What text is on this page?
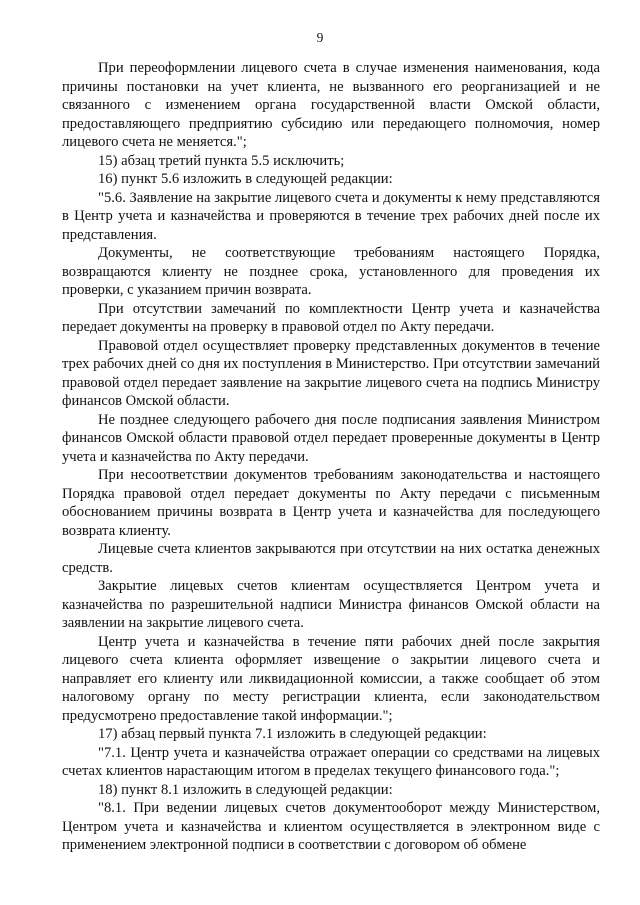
9

При переоформлении лицевого счета в случае изменения наименования, кода причины постановки на учет клиента, не вызванного его реорганизацией и не связанного с изменением органа государственной власти Омской области, предоставляющего предприятию субсидию или передающего полномочия, номер лицевого счета не меняется.";

15) абзац третий пункта 5.5 исключить;

16) пункт 5.6 изложить в следующей редакции:

"5.6. Заявление на закрытие лицевого счета и документы к нему представляются в Центр учета и казначейства и проверяются в течение трех рабочих дней после их представления.

Документы, не соответствующие требованиям настоящего Порядка, возвращаются клиенту не позднее срока, установленного для проведения их проверки, с указанием причин возврата.

При отсутствии замечаний по комплектности Центр учета и казначейства передает документы на проверку в правовой отдел по Акту передачи.

Правовой отдел осуществляет проверку представленных документов в течение трех рабочих дней со дня их поступления в Министерство. При отсутствии замечаний правовой отдел передает заявление на закрытие лицевого счета на подпись Министру финансов Омской области.

Не позднее следующего рабочего дня после подписания заявления Министром финансов Омской области правовой отдел передает проверенные документы в Центр учета и казначейства по Акту передачи.

При несоответствии документов требованиям законодательства и настоящего Порядка правовой отдел передает документы по Акту передачи с письменным обоснованием причины возврата в Центр учета и казначейства для последующего возврата клиенту.

Лицевые счета клиентов закрываются при отсутствии на них остатка денежных средств.

Закрытие лицевых счетов клиентам осуществляется Центром учета и казначейства по разрешительной надписи Министра финансов Омской области на заявлении на закрытие лицевого счета.

Центр учета и казначейства в течение пяти рабочих дней после закрытия лицевого счета клиента оформляет извещение о закрытии лицевого счета и направляет его клиенту или ликвидационной комиссии, а также сообщает об этом налоговому органу по месту регистрации клиента, если законодательством предусмотрено предоставление такой информации.";

17) абзац первый пункта 7.1 изложить в следующей редакции:

"7.1. Центр учета и казначейства отражает операции со средствами на лицевых счетах клиентов нарастающим итогом в пределах текущего финансового года.";

18) пункт 8.1 изложить в следующей редакции:

"8.1. При ведении лицевых счетов документооборот между Министерством, Центром учета и казначейства и клиентом осуществляется в электронном виде с применением электронной подписи в соответствии с договором об обмене
